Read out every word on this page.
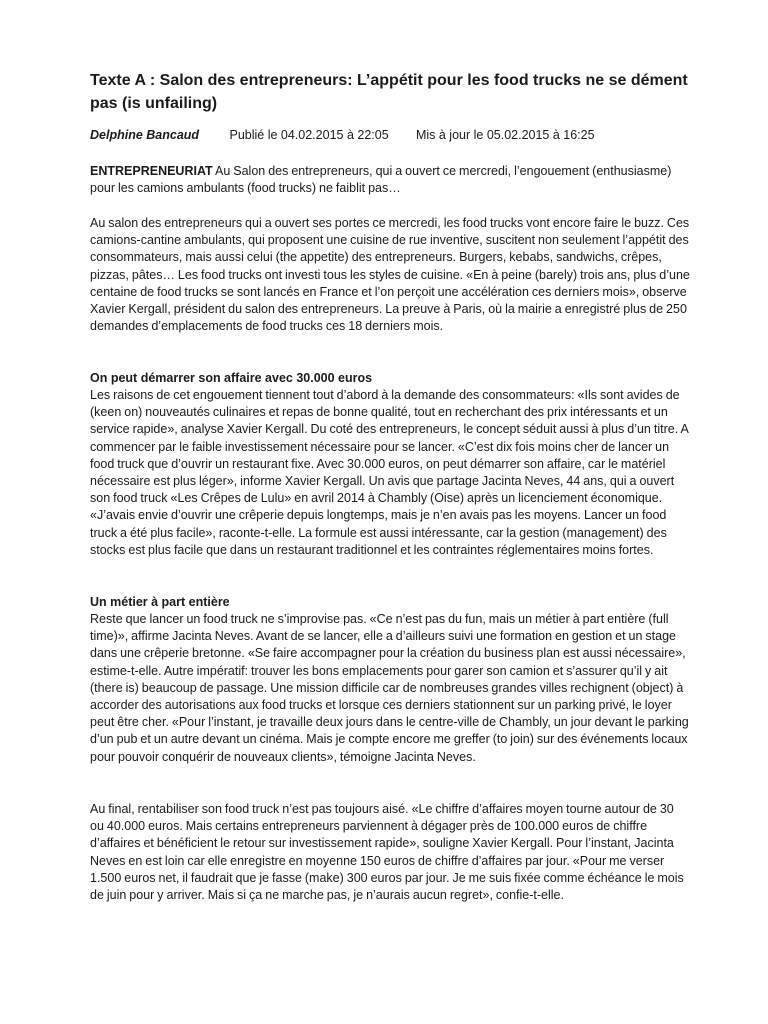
Texte A : Salon des entrepreneurs: L’appétit pour les food trucks ne se dément pas (is unfailing)
Delphine Bancaud Publié le 04.02.2015 à 22:05 Mis à jour le 05.02.2015 à 16:25

ENTREPRENEURIAT Au Salon des entrepreneurs, qui a ouvert ce mercredi, l’engouement (enthusiasme) pour les camions ambulants (food trucks) ne faiblit pas…

Au salon des entrepreneurs qui a ouvert ses portes ce mercredi, les food trucks vont encore faire le buzz. Ces camions-cantine ambulants, qui proposent une cuisine de rue inventive, suscitent non seulement l’appétit des consommateurs, mais aussi celui (the appetite) des entrepreneurs. Burgers, kebabs, sandwichs, crêpes, pizzas, pâtes… Les food trucks ont investi tous les styles de cuisine. «En à peine (barely) trois ans, plus d’une centaine de food trucks se sont lancés en France et l’on perçoit une accélération ces derniers mois», observe Xavier Kergall, président du salon des entrepreneurs. La preuve à Paris, où la mairie a enregistré plus de 250 demandes d’emplacements de food trucks ces 18 derniers mois.

On peut démarrer son affaire avec 30.000 euros

Les raisons de cet engouement tiennent tout d’abord à la demande des consommateurs: «Ils sont avides de (keen on) nouveautés culinaires et repas de bonne qualité, tout en recherchant des prix intéressants et un service rapide», analyse Xavier Kergall. Du coté des entrepreneurs, le concept séduit aussi à plus d’un titre. A commencer par le faible investissement nécessaire pour se lancer. «C’est dix fois moins cher de lancer un food truck que d’ouvrir un restaurant fixe. Avec 30.000 euros, on peut démarrer son affaire, car le matériel nécessaire est plus léger», informe Xavier Kergall. Un avis que partage Jacinta Neves, 44 ans, qui a ouvert son food truck «Les Crêpes de Lulu» en avril 2014 à Chambly (Oise) après un licenciement économique. «J’avais envie d’ouvrir une crêperie depuis longtemps, mais je n’en avais pas les moyens. Lancer un food truck a été plus facile», raconte-t-elle. La formule est aussi intéressante, car la gestion (management) des stocks est plus facile que dans un restaurant traditionnel et les contraintes réglementaires moins fortes.

Un métier à part entière

Reste que lancer un food truck ne s’improvise pas. «Ce n’est pas du fun, mais un métier à part entière (full time)», affirme Jacinta Neves. Avant de se lancer, elle a d’ailleurs suivi une formation en gestion et un stage dans une crêperie bretonne. «Se faire accompagner pour la création du business plan est aussi nécessaire», estime-t-elle. Autre impératif: trouver les bons emplacements pour garer son camion et s’assurer qu’il y ait (there is) beaucoup de passage. Une mission difficile car de nombreuses grandes villes rechignent (object) à accorder des autorisations aux food trucks et lorsque ces derniers stationnent sur un parking privé, le loyer peut être cher. «Pour l’instant, je travaille deux jours dans le centre-ville de Chambly, un jour devant le parking d’un pub et un autre devant un cinéma. Mais je compte encore me greffer (to join) sur des événements locaux pour pouvoir conquérir de nouveaux clients», témoigne Jacinta Neves.

Au final, rentabiliser son food truck n’est pas toujours aisé. «Le chiffre d’affaires moyen tourne autour de 30 ou 40.000 euros. Mais certains entrepreneurs parviennent à dégager près de 100.000 euros de chiffre d’affaires et bénéficient le retour sur investissement rapide», souligne Xavier Kergall. Pour l’instant, Jacinta Neves en est loin car elle enregistre en moyenne 150 euros de chiffre d’affaires par jour. «Pour me verser 1.500 euros net, il faudrait que je fasse (make) 300 euros par jour. Je me suis fixée comme échéance le mois de juin pour y arriver. Mais si ça ne marche pas, je n’aurais aucun regret», confie-t-elle.
